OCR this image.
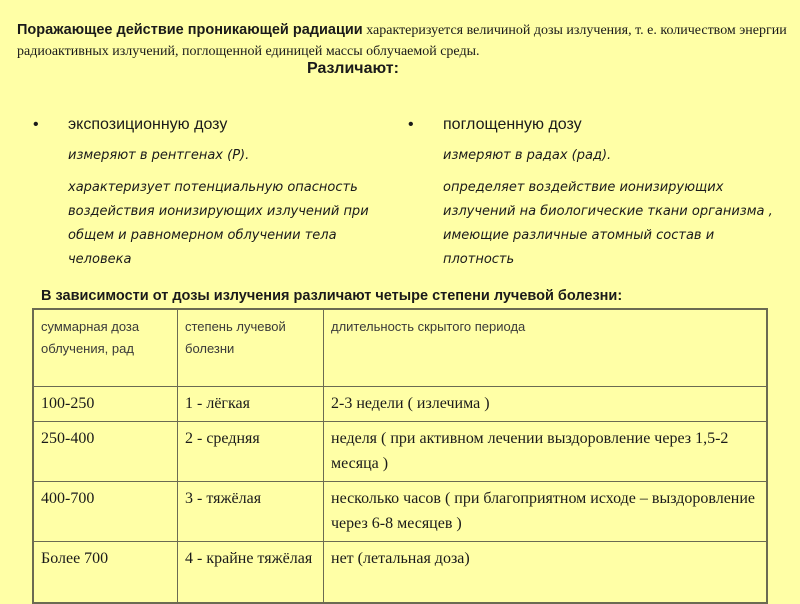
Поражающее действие проникающей радиации характеризуется величиной дозы излучения, т. е. количеством энергии радиоактивных излучений, поглощенной единицей массы облучаемой среды.
Различают:
• экспозиционную дозу
измеряют в рентгенах (Р).
характеризует потенциальную опасность воздействия ионизирующих излучений при общем и равномерном облучении тела человека
• поглощенную дозу
измеряют в радах (рад).
определяет воздействие ионизирующих излучений на биологические ткани организма , имеющие различные атомный состав и плотность
В зависимости от дозы излучения различают четыре степени лучевой болезни:
суммарная доза облучения, рад	степень лучевой болезни	длительность скрытого периода
100-250	1 - лёгкая	2-3 недели ( излечима )
250-400	2 - средняя	неделя ( при активном лечении выздоровление через 1,5-2 месяца )
400-700	3 - тяжёлая	несколько часов ( при благоприятном исходе – выздоровление через 6-8 месяцев )
Более 700	4 - крайне тяжёлая	нет (летальная доза)
